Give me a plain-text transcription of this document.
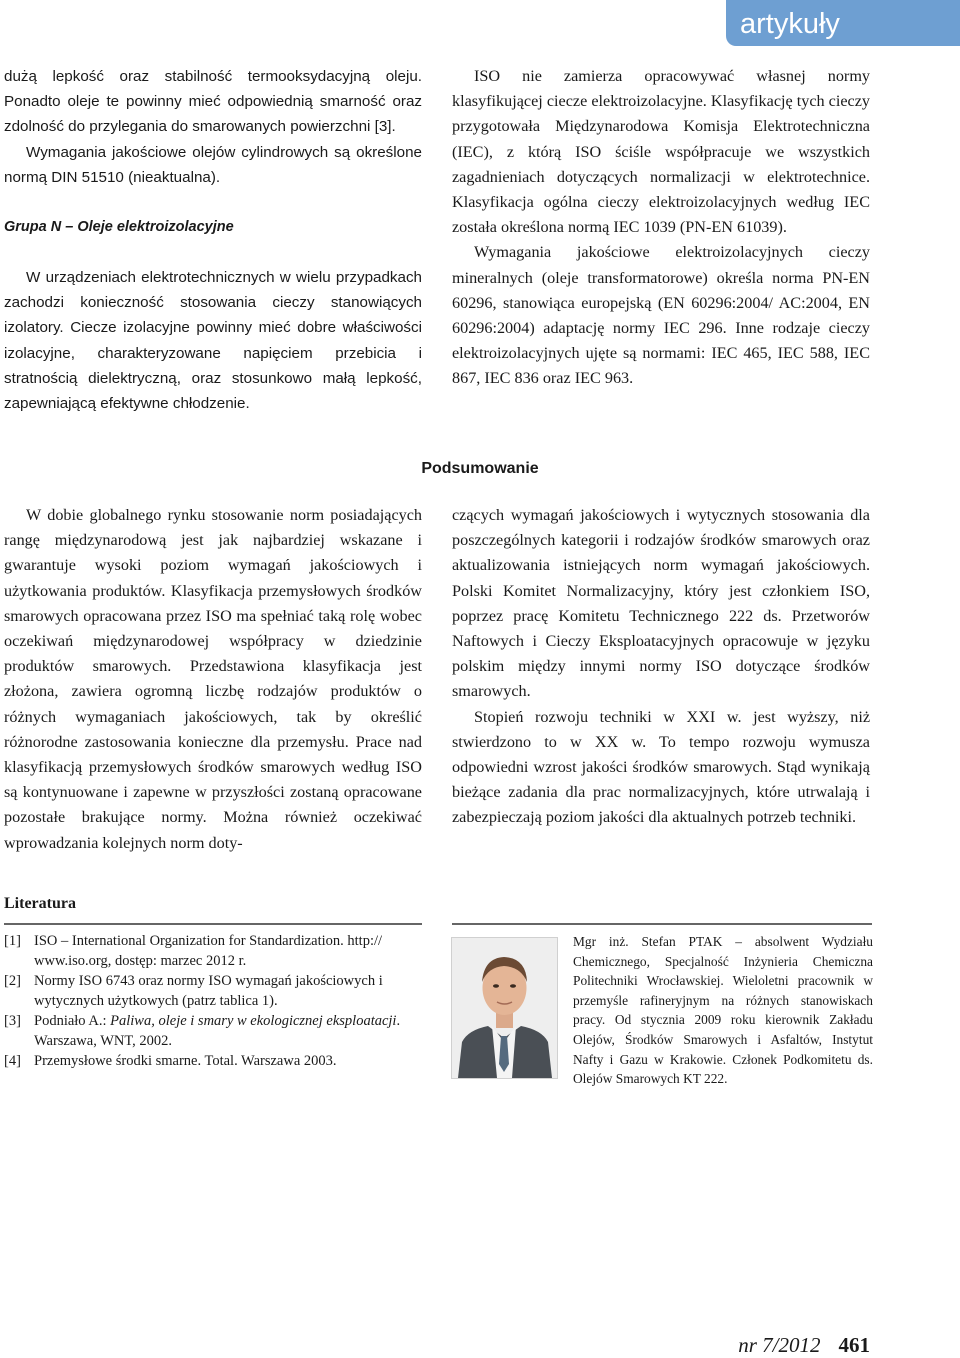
artykuły

dużą lepkość oraz stabilność termooksydacyjną oleju. Ponadto oleje te powinny mieć odpowiednią smarność oraz zdolność do przylegania do smarowanych powierzchni [3].

Wymagania jakościowe olejów cylindrowych są określone normą DIN 51510 (nieaktualna).

Grupa N – Oleje elektroizolacyjne

W urządzeniach elektrotechnicznych w wielu przypadkach zachodzi konieczność stosowania cieczy stanowiących izolatory. Ciecze izolacyjne powinny mieć dobre właściwości izolacyjne, charakteryzowane napięciem przebicia i stratnością dielektryczną, oraz stosunkowo małą lepkość, zapewniającą efektywne chłodzenie.

ISO nie zamierza opracowywać własnej normy klasyfikującej ciecze elektroizolacyjne. Klasyfikację tych cieczy przygotowała Międzynarodowa Komisja Elektrotechniczna (IEC), z którą ISO ściśle współpracuje we wszystkich zagadnieniach dotyczących normalizacji w elektrotechnice. Klasyfikacja ogólna cieczy elektroizolacyjnych według IEC została określona normą IEC 1039 (PN-EN 61039).

Wymagania jakościowe elektroizolacyjnych cieczy mineralnych (oleje transformatorowe) określa norma PN-EN 60296, stanowiąca europejską (EN 60296:2004/ AC:2004, EN 60296:2004) adaptację normy IEC 296. Inne rodzaje cieczy elektroizolacyjnych ujęte są normami: IEC 465, IEC 588, IEC 867, IEC 836 oraz IEC 963.

Podsumowanie

W dobie globalnego rynku stosowanie norm posiadających rangę międzynarodową jest jak najbardziej wskazane i gwarantuje wysoki poziom wymagań jakościowych i użytkowania produktów. Klasyfikacja przemysłowych środków smarowych opracowana przez ISO ma spełniać taką rolę wobec oczekiwań międzynarodowej współpracy w dziedzinie produktów smarowych. Przedstawiona klasyfikacja jest złożona, zawiera ogromną liczbę rodzajów produktów o różnych wymaganiach jakościowych, tak by określić różnorodne zastosowania konieczne dla przemysłu. Prace nad klasyfikacją przemysłowych środków smarowych według ISO są kontynuowane i zapewne w przyszłości zostaną opracowane pozostałe brakujące normy. Można również oczekiwać wprowadzania kolejnych norm doty-

czących wymagań jakościowych i wytycznych stosowania dla poszczególnych kategorii i rodzajów środków smarowych oraz aktualizowania istniejących norm wymagań jakościowych. Polski Komitet Normalizacyjny, który jest członkiem ISO, poprzez pracę Komitetu Technicznego 222 ds. Przetworów Naftowych i Cieczy Eksploatacyjnych opracowuje w języku polskim między innymi normy ISO dotyczące środków smarowych.

Stopień rozwoju techniki w XXI w. jest wyższy, niż stwierdzono to w XX w. To tempo rozwoju wymusza odpowiedni wzrost jakości środków smarowych. Stąd wynikają bieżące zadania dla prac normalizacyjnych, które utrwalają i zabezpieczają poziom jakości dla aktualnych potrzeb techniki.

Literatura
[1] ISO – International Organization for Standardization. http:// www.iso.org, dostęp: marzec 2012 r.
[2] Normy ISO 6743 oraz normy ISO wymagań jakościowych i wytycznych użytkowych (patrz tablica 1).
[3] Podniało A.: Paliwa, oleje i smary w ekologicznej eksploatacji. Warszawa, WNT, 2002.
[4] Przemysłowe środki smarne. Total. Warszawa 2003.

Mgr inż. Stefan PTAK – absolwent Wydziału Chemicznego, Specjalność Inżynieria Chemiczna Politechniki Wrocławskiej. Wieloletni pracownik w przemyśle rafineryjnym na różnych stanowiskach pracy. Od stycznia 2009 roku kierownik Zakładu Olejów, Środków Smarowych i Asfaltów, Instytut Nafty i Gazu w Krakowie. Członek Podkomitetu ds. Olejów Smarowych KT 222.

nr 7/2012 461
